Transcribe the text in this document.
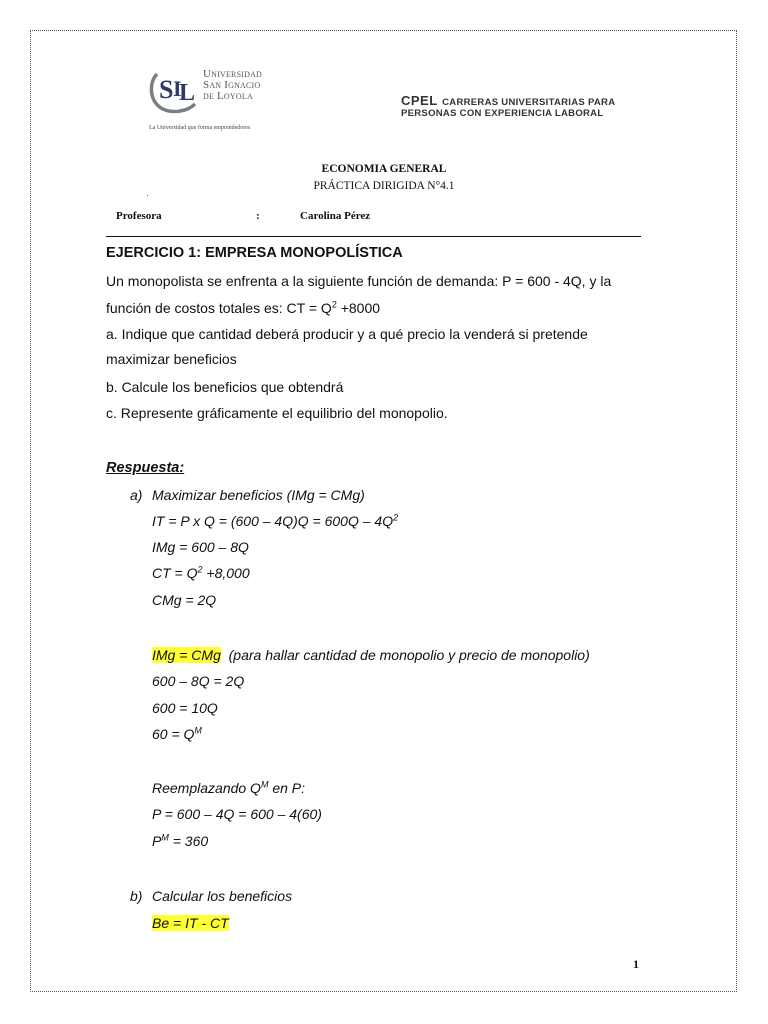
S I
L
Universidad
San Ignacio
de Loyola
La Universidad que forma emprendedores
CPEL CARRERAS UNIVERSITARIAS PARA
PERSONAS CON EXPERIENCIA LABORAL
ECONOMIA GENERAL
PRÁCTICA DIRIGIDA N°4.1
·
Profesora	:	Carolina Pérez
EJERCICIO 1: EMPRESA MONOPOLÍSTICA
Un monopolista se enfrenta a la siguiente función de demanda: P = 600 - 4Q, y la
función de costos totales es: CT = $Q^2 +8000$
a. Indique que cantidad deberá producir y a qué precio la venderá si pretende
maximizar beneficios
b. Calcule los beneficios que obtendrá
c. Represente gráficamente el equilibrio del monopolio.
Respuesta:
a) Maximizar beneficios (IMg = CMg)
IT = P x $Q = (600 - 4Q)Q = 600Q - 4Q^2$
IMg = 600 – 8Q
CT = $Q^2 +8,000$
CMg = 2Q
IMg = CMg (para hallar cantidad de monopolio y precio de monopolio)
600 – 8Q = 2Q
600 = 10Q
$60 = Q^M$
Reemplazando $Q^M$ en P:
P = 600 – 4Q = 600 – 4(60)
$P^M = 360$
b) Calcular los beneficios
Be = IT - CT
1
